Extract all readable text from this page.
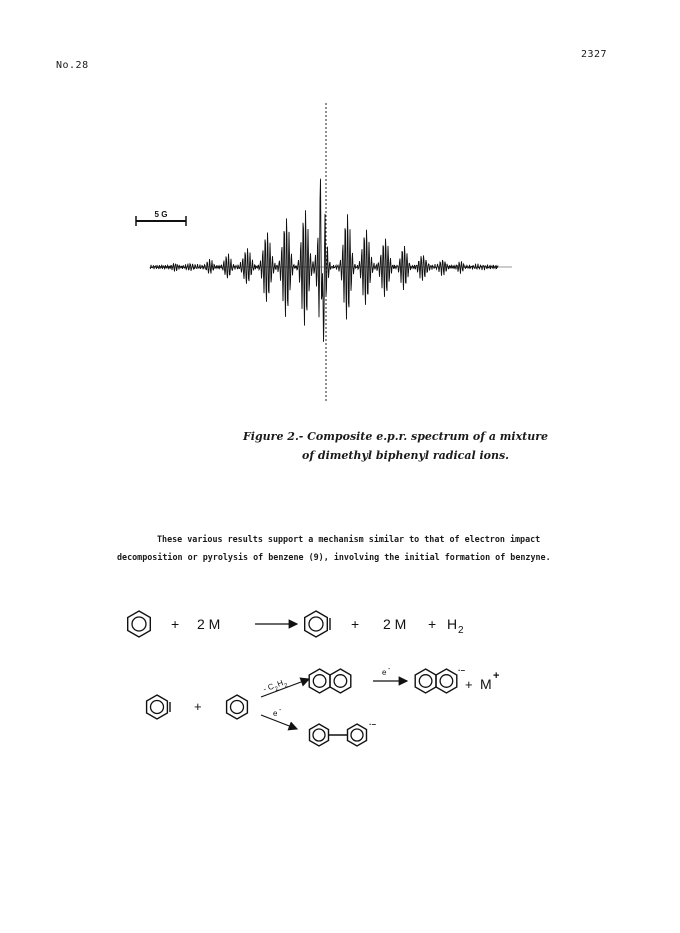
No.28
2327
5 G
Figure 2.- Composite e.p.r. spectrum of a mixture
of dimethyl biphenyl radical ions.
These various results support a mechanism similar to that of electron impact
decomposition or pyrolysis of benzene (9), involving the initial formation of benzyne.
+ 2 M	+ 2 M + H 2
+
- C 2
H 2
e -	·–
+ M +
e -
·–
